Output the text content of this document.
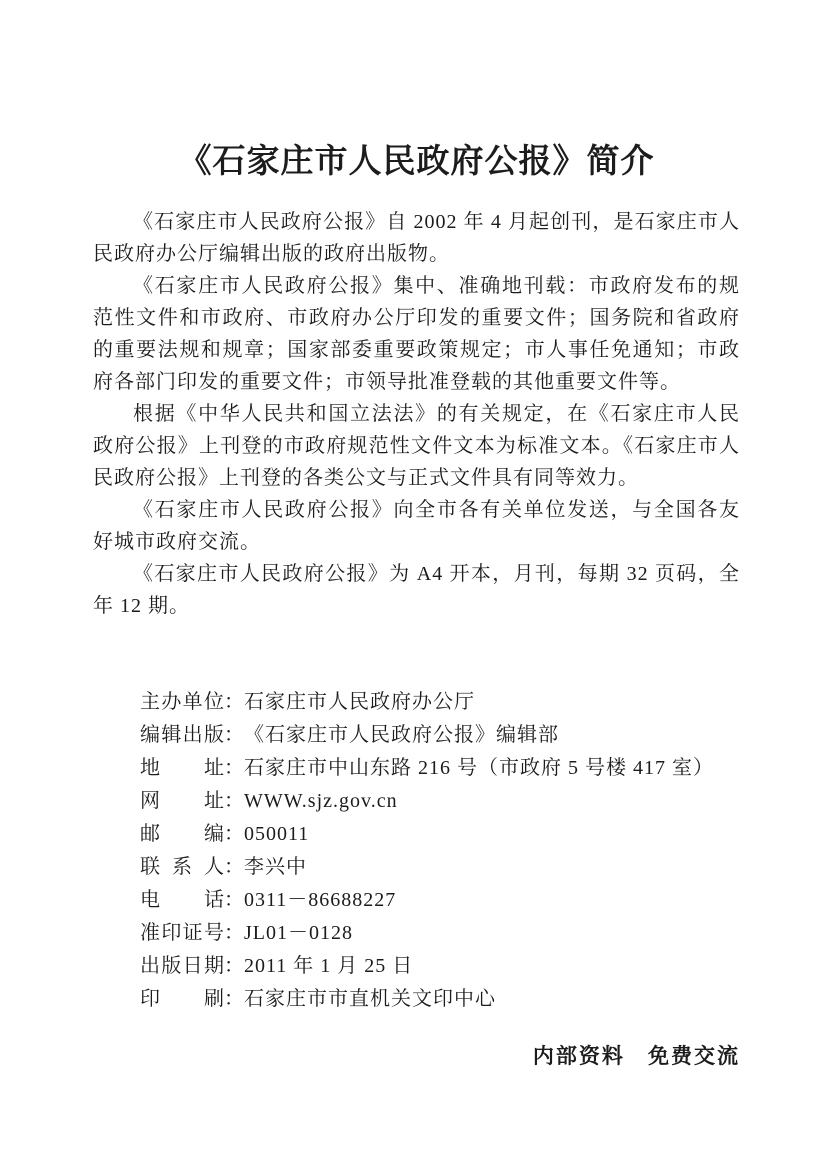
《石家庄市人民政府公报》简介

《石家庄市人民政府公报》自 2002 年 4 月起创刊，是石家庄市人民政府办公厅编辑出版的政府出版物。

《石家庄市人民政府公报》集中、准确地刊载：市政府发布的规范性文件和市政府、市政府办公厅印发的重要文件；国务院和省政府的重要法规和规章；国家部委重要政策规定；市人事任免通知；市政府各部门印发的重要文件；市领导批准登载的其他重要文件等。

根据《中华人民共和国立法法》的有关规定，在《石家庄市人民政府公报》上刊登的市政府规范性文件文本为标准文本。《石家庄市人民政府公报》上刊登的各类公文与正式文件具有同等效力。

《石家庄市人民政府公报》向全市各有关单位发送，与全国各友好城市政府交流。

《石家庄市人民政府公报》为 A4 开本，月刊，每期 32 页码，全年 12 期。

主办单位：石家庄市人民政府办公厅
编辑出版：《石家庄市人民政府公报》编辑部
地址：石家庄市中山东路 216 号（市政府 5 号楼 417 室）
网址：WWW.sjz.gov.cn
邮编：050011
联系人：李兴中
电话：0311－86688227
准印证号：JL01－0128
出版日期：2011 年 1 月 25 日
印刷：石家庄市市直机关文印中心
内部资料 免费交流
